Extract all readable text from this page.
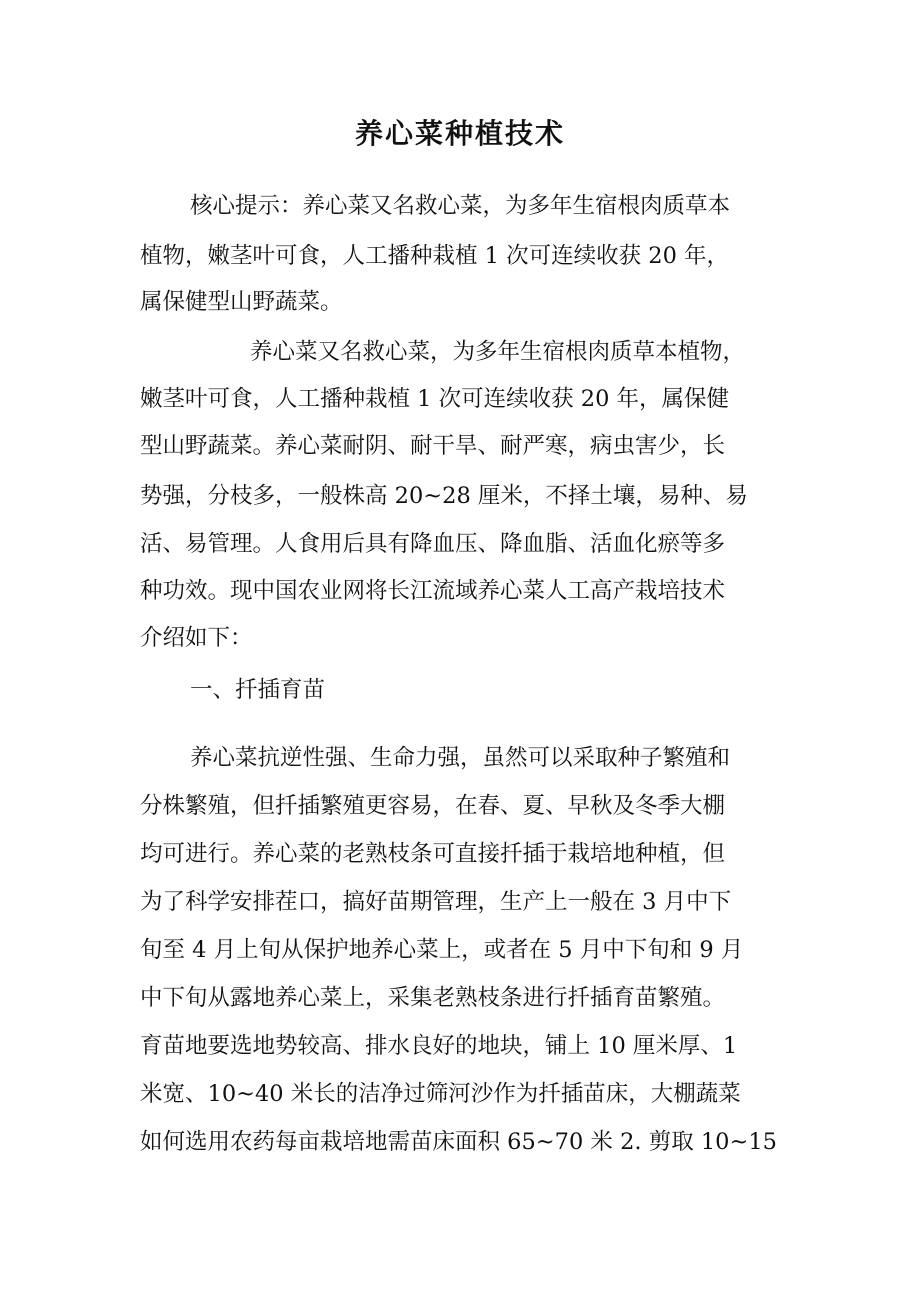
养心菜种植技术
核心提示：养心菜又名救心菜，为多年生宿根肉质草本
植物，嫩茎叶可食，人工播种栽植 1 次可连续收获 20 年，
属保健型山野蔬菜。
养心菜又名救心菜，为多年生宿根肉质草本植物，
嫩茎叶可食，人工播种栽植 1 次可连续收获 20 年，属保健
型山野蔬菜。养心菜耐阴、耐干旱、耐严寒，病虫害少，长
势强，分枝多，一般株高 20~28 厘米，不择土壤，易种、易
活、易管理。人食用后具有降血压、降血脂、活血化瘀等多
种功效。现中国农业网将长江流域养心菜人工高产栽培技术
介绍如下：
一、扦插育苗
养心菜抗逆性强、生命力强，虽然可以采取种子繁殖和
分株繁殖，但扦插繁殖更容易，在春、夏、早秋及冬季大棚
均可进行。养心菜的老熟枝条可直接扦插于栽培地种植，但
为了科学安排茬口，搞好苗期管理，生产上一般在 3 月中下
旬至 4 月上旬从保护地养心菜上，或者在 5 月中下旬和 9 月
中下旬从露地养心菜上，采集老熟枝条进行扦插育苗繁殖。
育苗地要选地势较高、排水良好的地块，铺上 10 厘米厚、1
米宽、10~40 米长的洁净过筛河沙作为扦插苗床，大棚蔬菜
如何选用农药每亩栽培地需苗床面积 65~70 米 2. 剪取 10~15
